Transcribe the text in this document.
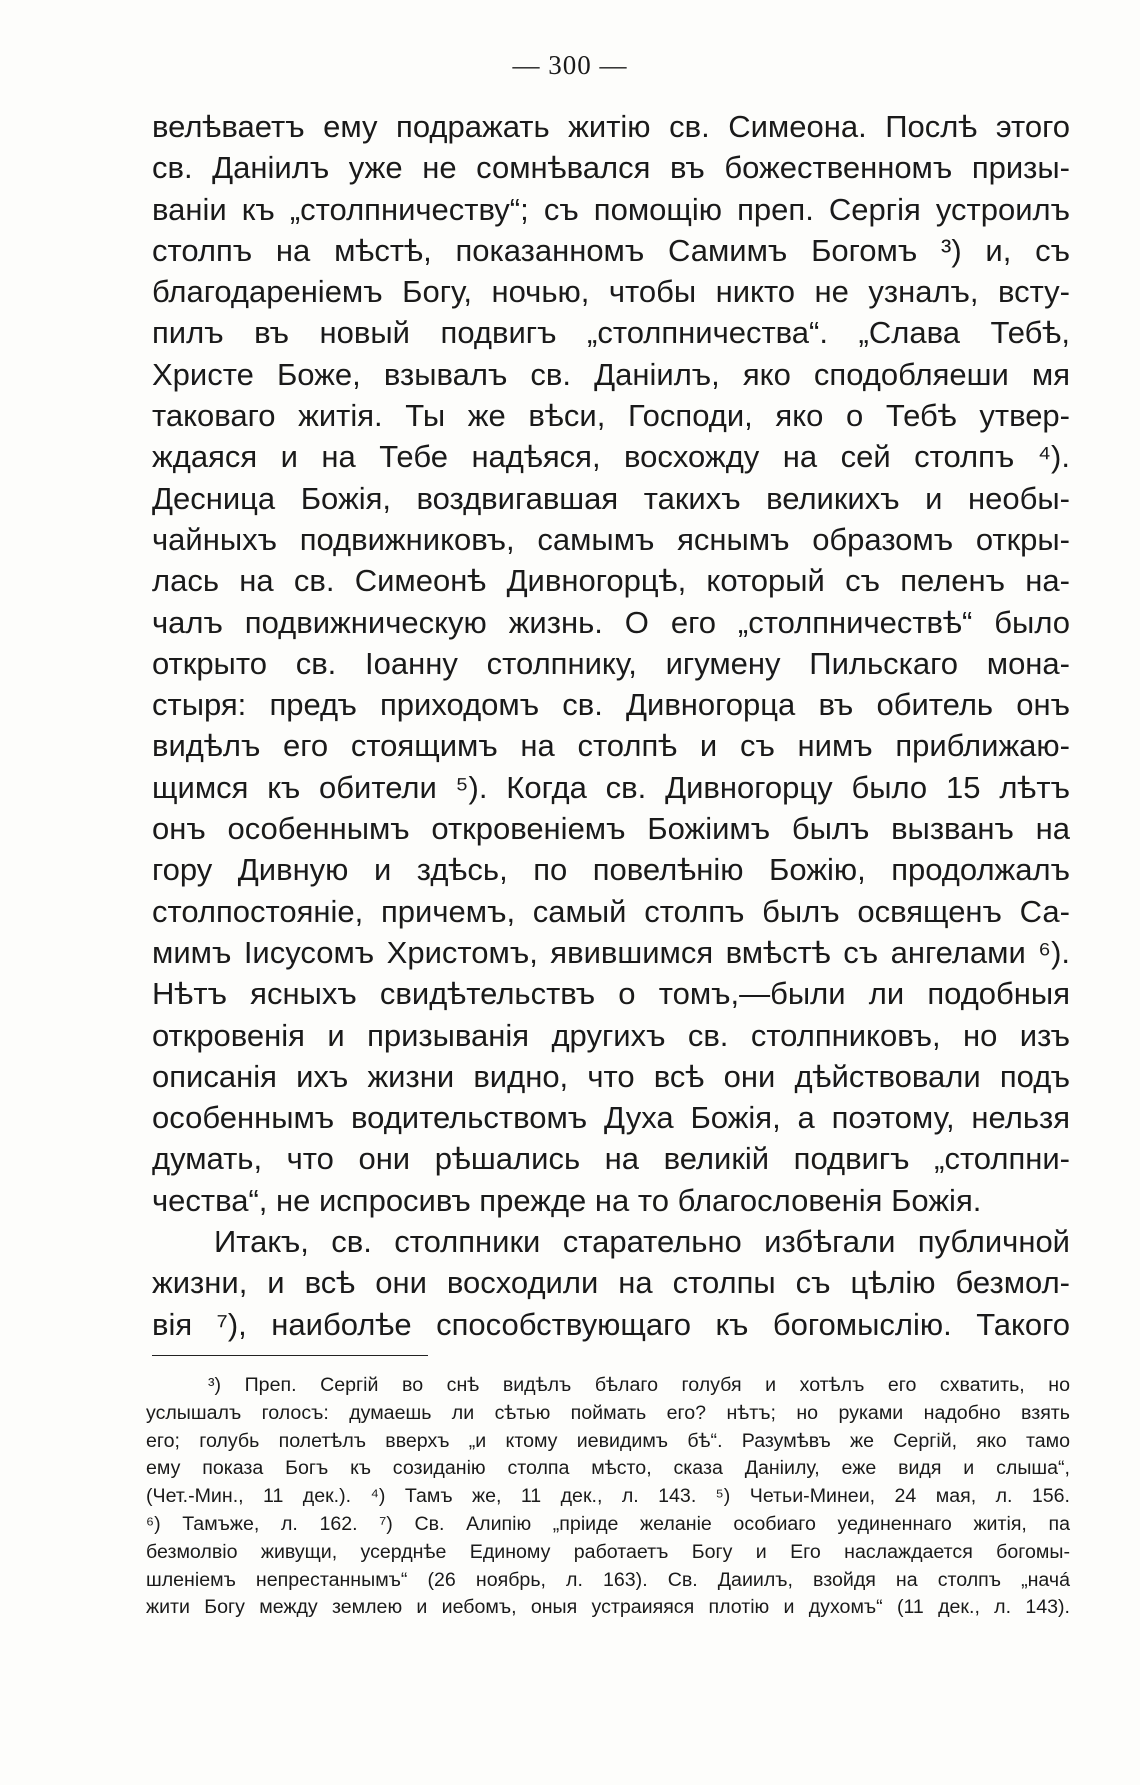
— 300 —
велѣваетъ ему подражать житію св. Симеона. Послѣ этого
св. Даніилъ уже не сомнѣвался въ божественномъ призы-
ваніи къ „столпничеству“; съ помощію преп. Сергія устроилъ
столпъ на мѣстѣ, показанномъ Самимъ Богомъ ³) и, съ
благодареніемъ Богу, ночью, чтобы никто не узналъ, всту-
пилъ въ новый подвигъ „столпничества“. „Слава Тебѣ,
Христе Боже, взывалъ св. Даніилъ, яко сподобляеши мя
таковаго житія. Ты же вѣси, Господи, яко о Тебѣ утвер-
ждаяся и на Тебе надѣяся, восхожду на сей столпъ ⁴).
Десница Божія, воздвигавшая такихъ великихъ и необы-
чайныхъ подвижниковъ, самымъ яснымъ образомъ откры-
лась на св. Симеонѣ Дивногорцѣ, который съ пеленъ на-
чалъ подвижническую жизнь. О его „столпничествѣ“ было
открыто св. Іоанну столпнику, игумену Пильскаго мона-
стыря: предъ приходомъ св. Дивногорца въ обитель онъ
видѣлъ его стоящимъ на столпѣ и съ нимъ приближаю-
щимся къ обители ⁵). Когда св. Дивногорцу было 15 лѣтъ
онъ особеннымъ откровеніемъ Божіимъ былъ вызванъ на
гору Дивную и здѣсь, по повелѣнію Божію, продолжалъ
столпостояніе, причемъ, самый столпъ былъ освященъ Са-
мимъ Іисусомъ Христомъ, явившимся вмѣстѣ съ ангелами ⁶).
Нѣтъ ясныхъ свидѣтельствъ о томъ,—были ли подобныя
откровенія и призыванія другихъ св. столпниковъ, но изъ
описанія ихъ жизни видно, что всѣ они дѣйствовали подъ
особеннымъ водительствомъ Духа Божія, а поэтому, нельзя
думать, что они рѣшались на великій подвигъ „столпни-
чества“, не испросивъ прежде на то благословенія Божія.
Итакъ, св. столпники старательно избѣгали публичной
жизни, и всѣ они восходили на столпы съ цѣлію безмол-
вія ⁷), наиболѣе способствующаго къ богомыслію. Такого
³) Преп. Сергій во снѣ видѣлъ бѣлаго голубя и хотѣлъ его схватить, но
услышалъ голосъ: думаешь ли сѣтью поймать его? нѣтъ; но руками надобно взять
его; голубь полетѣлъ вверхъ „и ктому иевидимъ бѣ“. Разумѣвъ же Сергій, яко тамо
ему показа Богъ къ созиданію столпа мѣсто, сказа Даніилу, еже видя и слыша“,
(Чет.-Мин., 11 дек.). ⁴) Тамъ же, 11 дек., л. 143. ⁵) Четьи-Минеи, 24 мая, л. 156.
⁶) Тамъже, л. 162. ⁷) Св. Алипію „пріиде желаніе особиаго уединеннаго житія, па
безмолвіо живущи, усерднѣе Единому работаетъ Богу и Его наслаждается богомы-
шленіемъ непрестаннымъ“ (26 ноябрь, л. 163). Св. Даиилъ, взойдя на столпъ „начá
жити Богу между землею и иебомъ, оныя устраияяся плотію и духомъ“ (11 дек., л. 143).
